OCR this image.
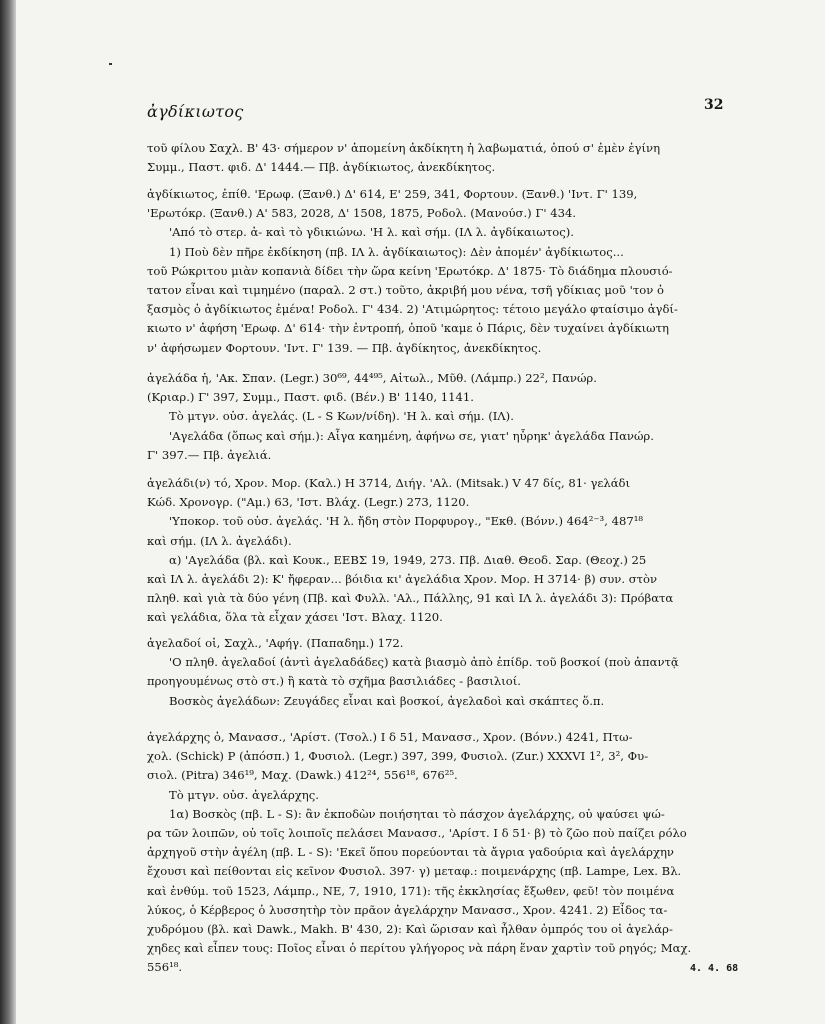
ἀγδίκιωτος	32

τοῦ φίλου Σαχλ. Β' 43· σήμερον ν' ἀπομείνη ἀκδίκητη ἡ λαβωματιά, ὁπού σ' ἐμὲν ἐγίνη

Συμμ., Παστ. φιδ. Δ' 1444.— Πβ. ἀγδίκιωτος, ἀνεκδίκητος.

ἀγδίκιωτος, ἐπίθ. 'Ερωφ. (Ξανθ.) Δ' 614, Ε' 259, 341, Φορτουν. (Ξανθ.) 'Ιντ. Γ' 139,

'Ερωτόκρ. (Ξανθ.) Α' 583, 2028, Δ' 1508, 1875, Ροδολ. (Μανούσ.) Γ' 434.

'Από τὸ στερ. ἀ- καὶ τὸ γδικιώνω. 'Η λ. καὶ σήμ. (ΙΛ λ. ἀγδίκαιωτος).

1) Ποὺ δὲν πῆρε ἐκδίκηση (πβ. ΙΛ λ. ἀγδίκαιωτος): Δὲν ἀπομέν' ἀγδίκιωτος...

τοῦ Ρώκριτου μιὰν κοπανιὰ δίδει τὴν ὥρα κείνη 'Ερωτόκρ. Δ' 1875· Τὸ διάδημα πλουσιό-

τατον εἶναι καὶ τιμημένο (παραλ. 2 στ.) τοῦτο, ἀκριβή μου νένα, τσῆ γδίκιας μοῦ 'τον ὁ

ξασμὸς ὁ ἀγδίκιωτος ἐμένα! Ροδολ. Γ' 434. 2) 'Ατιμώρητος: τέτοιο μεγάλο φταίσιμο ἀγδί-

κιωτο ν' ἀφήση 'Ερωφ. Δ' 614· τὴν ἐντροπή, ὁποῦ 'καμε ὁ Πάρις, δὲν τυχαίνει ἀγδίκιωτη

ν' ἀφήσωμεν Φορτουν. 'Ιντ. Γ' 139. — Πβ. ἀγδίκητος, ἀνεκδίκητος.

ἀγελάδα ἡ, 'Ακ. Σπαν. (Legr.) 30⁶⁹, 44⁴⁹⁵, Αἰτωλ., Μῦθ. (Λάμπρ.) 22², Πανώρ.

(Κριαρ.) Γ' 397, Συμμ., Παστ. φιδ. (Βέν.) Β' 1140, 1141.

Τὸ μτγν. οὐσ. ἀγελάς. (L - S Κων/νίδη). 'Η λ. καὶ σήμ. (ΙΛ).

'Αγελάδα (ὅπως καὶ σήμ.): Αἶγα καημένη, ἀφήνω σε, γιατ' ηὖρηκ' ἀγελάδα Πανώρ.

Γ' 397.— Πβ. ἀγελιά.

ἀγελάδι(ν) τό, Χρον. Μορ. (Καλ.) Η 3714, Διήγ. 'Αλ. (Mitsak.) V 47 δίς, 81· γελάδι

Κώδ. Χρονογρ. ("Αμ.) 63, 'Ιστ. Βλάχ. (Legr.) 273, 1120.

'Υποκορ. τοῦ οὐσ. ἀγελάς. 'Η λ. ἤδη στὸν Πορφυρογ., "Εκθ. (Βόνν.) 464²⁻³, 487¹⁸

καὶ σήμ. (ΙΛ λ. ἀγελάδι).

α) 'Αγελάδα (βλ. καὶ Κουκ., ΕΕΒΣ 19, 1949, 273. Πβ. Διαθ. Θεοδ. Σαρ. (Θεοχ.) 25

καὶ ΙΛ λ. ἀγελάδι 2): Κ' ἤφεραν... βόιδια κι' ἀγελάδια Χρον. Μορ. Η 3714· β) συν. στὸν

πληθ. καὶ γιὰ τὰ δύο γένη (Πβ. καὶ Φυλλ. 'Αλ., Πάλλης, 91 καὶ ΙΛ λ. ἀγελάδι 3): Πρόβατα

καὶ γελάδια, ὅλα τὰ εἶχαν χάσει 'Ιστ. Βλαχ. 1120.

ἀγελαδοί οἱ, Σαχλ., 'Αφήγ. (Παπαδημ.) 172.

'Ο πληθ. ἀγελαδοί (ἀντὶ ἀγελαδάδες) κατὰ βιασμὸ ἀπὸ ἐπίδρ. τοῦ βοσκοί (ποὺ ἀπαντᾷ

προηγουμένως στὸ στ.) ἢ κατὰ τὸ σχῆμα βασιλιάδες - βασιλιοί.

Βοσκὸς ἀγελάδων: Ζευγάδες εἶναι καὶ βοσκοί, ἀγελαδοὶ καὶ σκάπτες ὅ.π.

ἀγελάρχης ὁ, Μανασσ., 'Αρίστ. (Τσολ.) Ι δ 51, Μανασσ., Χρον. (Βόνν.) 4241, Πτω-

χολ. (Schick) Ρ (ἀπόσπ.) 1, Φυσιολ. (Legr.) 397, 399, Φυσιολ. (Zur.) XXXVI 1², 3², Φυ-

σιολ. (Pitra) 346¹⁹, Μαχ. (Dawk.) 412²⁴, 556¹⁸, 676²⁵.

Τὸ μτγν. οὐσ. ἀγελάρχης.

1α) Βοσκὸς (πβ. L - S): ἂν ἐκποδὼν ποιήσηται τὸ πάσχον ἀγελάρχης, οὐ ψαύσει ψώ-

ρα τῶν λοιπῶν, οὐ τοῖς λοιποῖς πελάσει Μανασσ., 'Αρίστ. Ι δ 51· β) τὸ ζῶο ποὺ παίζει ρόλο

ἀρχηγοῦ στὴν ἀγέλη (πβ. L - S): 'Εκεῖ ὅπου πορεύονται τὰ ἄγρια γαδούρια καὶ ἀγελάρχην

ἔχουσι καὶ πείθονται εἰς κεῖνον Φυσιολ. 397· γ) μεταφ.: ποιμενάρχης (πβ. Lampe, Lex. Βλ.

καὶ ἐνθύμ. τοῦ 1523, Λάμπρ., ΝΕ, 7, 1910, 171): τῆς ἐκκλησίας ἔξωθεν, φεῦ! τὸν ποιμένα

λύκος, ὁ Κέρβερος ὁ λυσσητὴρ τὸν πρᾶον ἀγελάρχην Μανασσ., Χρον. 4241. 2) Εἶδος τα-

χυδρόμου (βλ. καὶ Dawk., Makh. Β' 430, 2): Καὶ ὥρισαν καὶ ἦλθαν ὀμπρός του οἱ ἀγελάρ-

χηδες καὶ εἶπεν τους: Ποῖος εἶναι ὁ περίτου γλήγορος νὰ πάρη ἕναν χαρτὶν τοῦ ρηγός; Μαχ.

556¹⁸.	4. 4. 68
